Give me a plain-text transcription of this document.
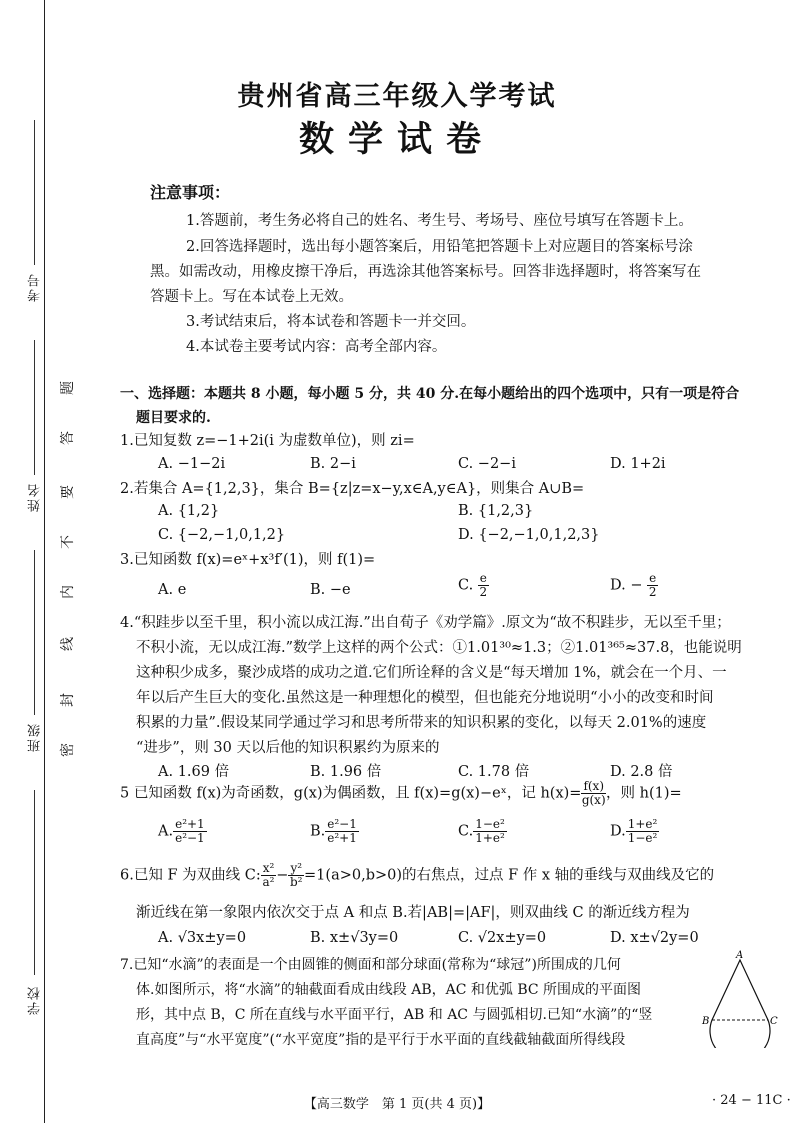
考号
姓名
班级
学校
题
答
要
不
内
线
封
密
贵州省高三年级入学考试
数学试卷
注意事项：
1.答题前，考生务必将自己的姓名、考生号、考场号、座位号填写在答题卡上。
2.回答选择题时，选出每小题答案后，用铅笔把答题卡上对应题目的答案标号涂
黑。如需改动，用橡皮擦干净后，再选涂其他答案标号。回答非选择题时，将答案写在
答题卡上。写在本试卷上无效。
3.考试结束后，将本试卷和答题卡一并交回。
4.本试卷主要考试内容：高考全部内容。
一、选择题：本题共 8 小题，每小题 5 分，共 40 分.在每小题给出的四个选项中，只有一项是符合
题目要求的.
1.已知复数 z=−1+2i(i 为虚数单位)，则 zi=
A. −1−2i	B. 2−i	C. −2−i	D. 1+2i
2.若集合 A={1,2,3}，集合 B={z|z=x−y,x∈A,y∈A}，则集合 A∪B=
A. {1,2}	B. {1,2,3}
C. {−2,−1,0,1,2}	D. {−2,−1,0,1,2,3}
3.已知函数 f(x)=eˣ+x³f′(1)，则 f(1)=
A. e	B. −e	C. $\frac{e}{2}$	D. − $\frac{e}{2}$
4.“积跬步以至千里，积小流以成江海.”出自荀子《劝学篇》.原文为“故不积跬步，无以至千里；
不积小流，无以成江海.”数学上这样的两个公式：①1.01³⁰≈1.3；②1.01³⁶⁵≈37.8，也能说明
这种积少成多，聚沙成塔的成功之道.它们所诠释的含义是“每天增加 1%，就会在一个月、一
年以后产生巨大的变化.虽然这是一种理想化的模型，但也能充分地说明“小小的改变和时间
积累的力量”.假设某同学通过学习和思考所带来的知识积累的变化，以每天 2.01%的速度
“进步”，则 30 天以后他的知识积累约为原来的
A. 1.69 倍	B. 1.96 倍	C. 1.78 倍	D. 2.8 倍
5 已知函数 f(x)为奇函数，g(x)为偶函数，且 f(x)=g(x)−eˣ，记 $h(x)= \frac{f(x)}{g(x)}$ ，则 h(1)=
A. $\frac{\text{e²+1}}{\text{e²−1}}$	B. $\frac{\text{e²−1}}{\text{e²+1}}$	C. $\frac{\text{1−e²}}{\text{1+e²}}$	D. $\frac{\text{1+e²}}{\text{1−e²}}$
6.已知 F 为双曲线 C: $\frac{\text{x²}}{\text{a²}} - \frac{\text{y²}}{\text{b²}} =1(a>0,b>0)$的右焦点，过点 F 作 x 轴的垂线与双曲线及它的
渐近线在第一象限内依次交于点 A 和点 B.若|AB|=|AF|，则双曲线 C 的渐近线方程为
A. √3x±y=0	B. x±√3y=0	C. √2x±y=0	D. x±√2y=0
7.已知“水滴”的表面是一个由圆锥的侧面和部分球面(常称为“球冠”)所围成的几何
体.如图所示，将“水滴”的轴截面看成由线段 AB，AC 和优弧 BC 所围成的平面图
形，其中点 B，C 所在直线与水平面平行，AB 和 AC 与圆弧相切.已知“水滴”的“竖
直高度”与“水平宽度”(“水平宽度”指的是平行于水平面的直线截轴截面所得线段
A
B	C
【高三数学　第 1 页(共 4 页)】	· 24 − 11C ·
